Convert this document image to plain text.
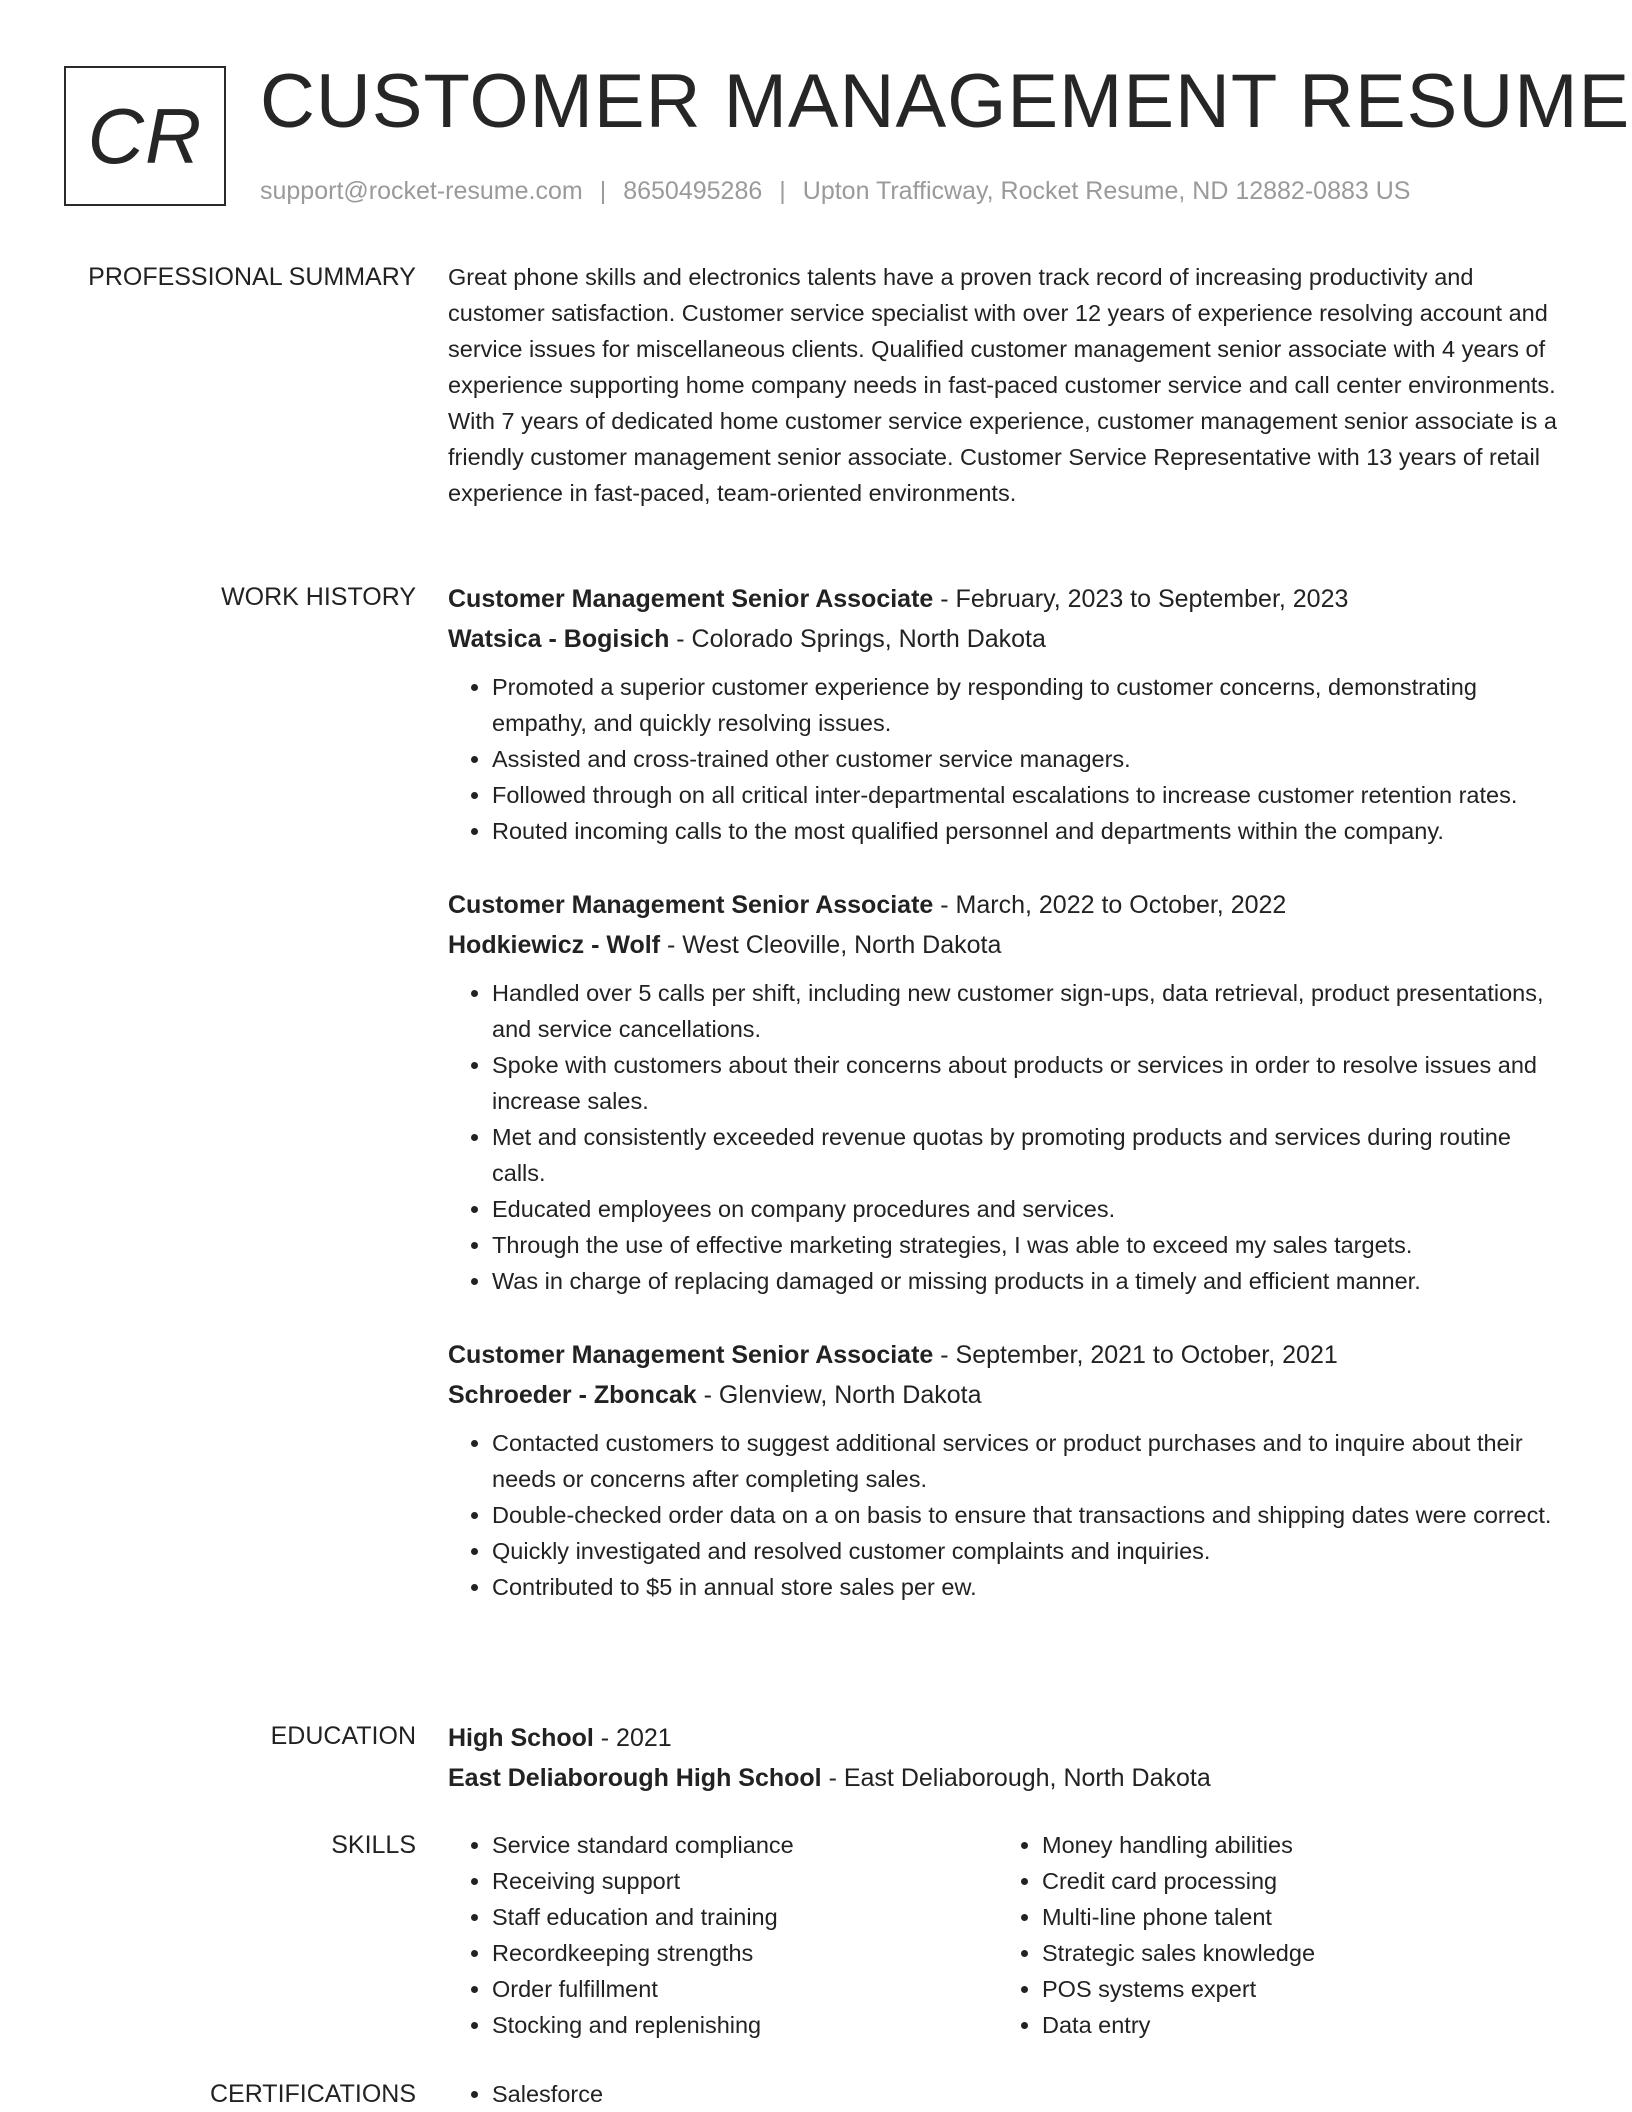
CR CUSTOMER MANAGEMENT RESUME
support@rocket-resume.com | 8650495286 | Upton Trafficway, Rocket Resume, ND 12882-0883 US
PROFESSIONAL SUMMARY Great phone skills and electronics talents have a proven track record of increasing productivity and customer satisfaction. Customer service specialist with over 12 years of experience resolving account and service issues for miscellaneous clients. Qualified customer management senior associate with 4 years of experience supporting home company needs in fast-paced customer service and call center environments. With 7 years of dedicated home customer service experience, customer management senior associate is a friendly customer management senior associate. Customer Service Representative with 13 years of retail experience in fast-paced, team-oriented environments.

WORK HISTORY Customer Management Senior Associate - February, 2023 to September, 2023
Watsica - Bogisich - Colorado Springs, North Dakota
• Promoted a superior customer experience by responding to customer concerns, demonstrating empathy, and quickly resolving issues.
• Assisted and cross-trained other customer service managers.
• Followed through on all critical inter-departmental escalations to increase customer retention rates.
• Routed incoming calls to the most qualified personnel and departments within the company.
Customer Management Senior Associate - March, 2022 to October, 2022
Hodkiewicz - Wolf - West Cleoville, North Dakota
• Handled over 5 calls per shift, including new customer sign-ups, data retrieval, product presentations, and service cancellations.
• Spoke with customers about their concerns about products or services in order to resolve issues and increase sales.
• Met and consistently exceeded revenue quotas by promoting products and services during routine calls.
• Educated employees on company procedures and services.
• Through the use of effective marketing strategies, I was able to exceed my sales targets.
• Was in charge of replacing damaged or missing products in a timely and efficient manner.
Customer Management Senior Associate - September, 2021 to October, 2021
Schroeder - Zboncak - Glenview, North Dakota
• Contacted customers to suggest additional services or product purchases and to inquire about their needs or concerns after completing sales.
• Double-checked order data on a on basis to ensure that transactions and shipping dates were correct.
• Quickly investigated and resolved customer complaints and inquiries.
• Contributed to $5 in annual store sales per ew.
EDUCATION High School - 2021
East Deliaborough High School - East Deliaborough, North Dakota
SKILLS	• Service standard compliance
• Receiving support
• Staff education and training
• Recordkeeping strengths
• Order fulfillment
• Stocking and replenishing
• Money handling abilities
• Credit card processing
• Multi-line phone talent
• Strategic sales knowledge
• POS systems expert
• Data entry
CERTIFICATIONS	• Salesforce
